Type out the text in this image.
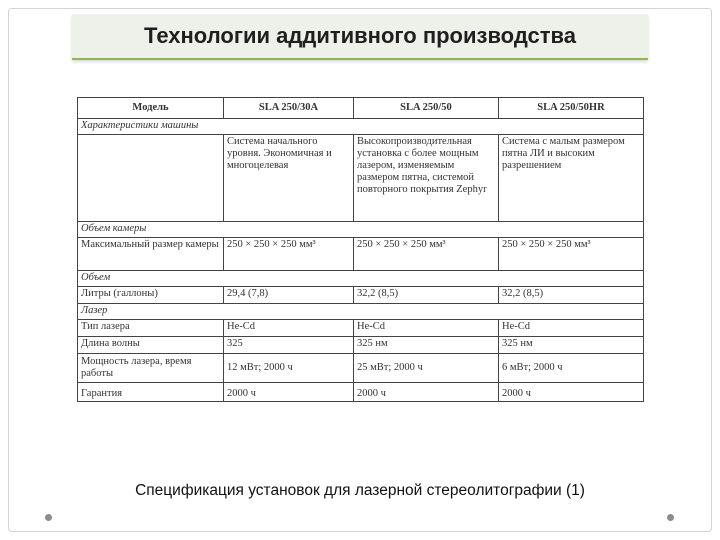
Технологии аддитивного производства
Модель	SLA 250/30A	SLA 250/50	SLA 250/50HR
Характеристики машины			
	Система начального уровня. Экономичная и многоцелевая	Высокопроизводительная установка с более мощным лазером, изменяемым размером пятна, системой повторного покрытия Zephyr	Система с малым размером пятна ЛИ и высоким разрешением
Объем камеры			
Максимальный размер камеры	250 × 250 × 250 мм³	250 × 250 × 250 мм³	250 × 250 × 250 мм³
Объем			
Литры (галлоны)	29,4 (7,8)	32,2 (8,5)	32,2 (8,5)
Лазер			
Тип лазера	He-Cd	He-Cd	He-Cd
Длина волны	325	325 нм	325 нм
Мощность лазера, время работы	12 мВт; 2000 ч	25 мВт; 2000 ч	6 мВт; 2000 ч
Гарантия	2000 ч	2000 ч	2000 ч
Спецификация установок для лазерной стереолитографии (1)
